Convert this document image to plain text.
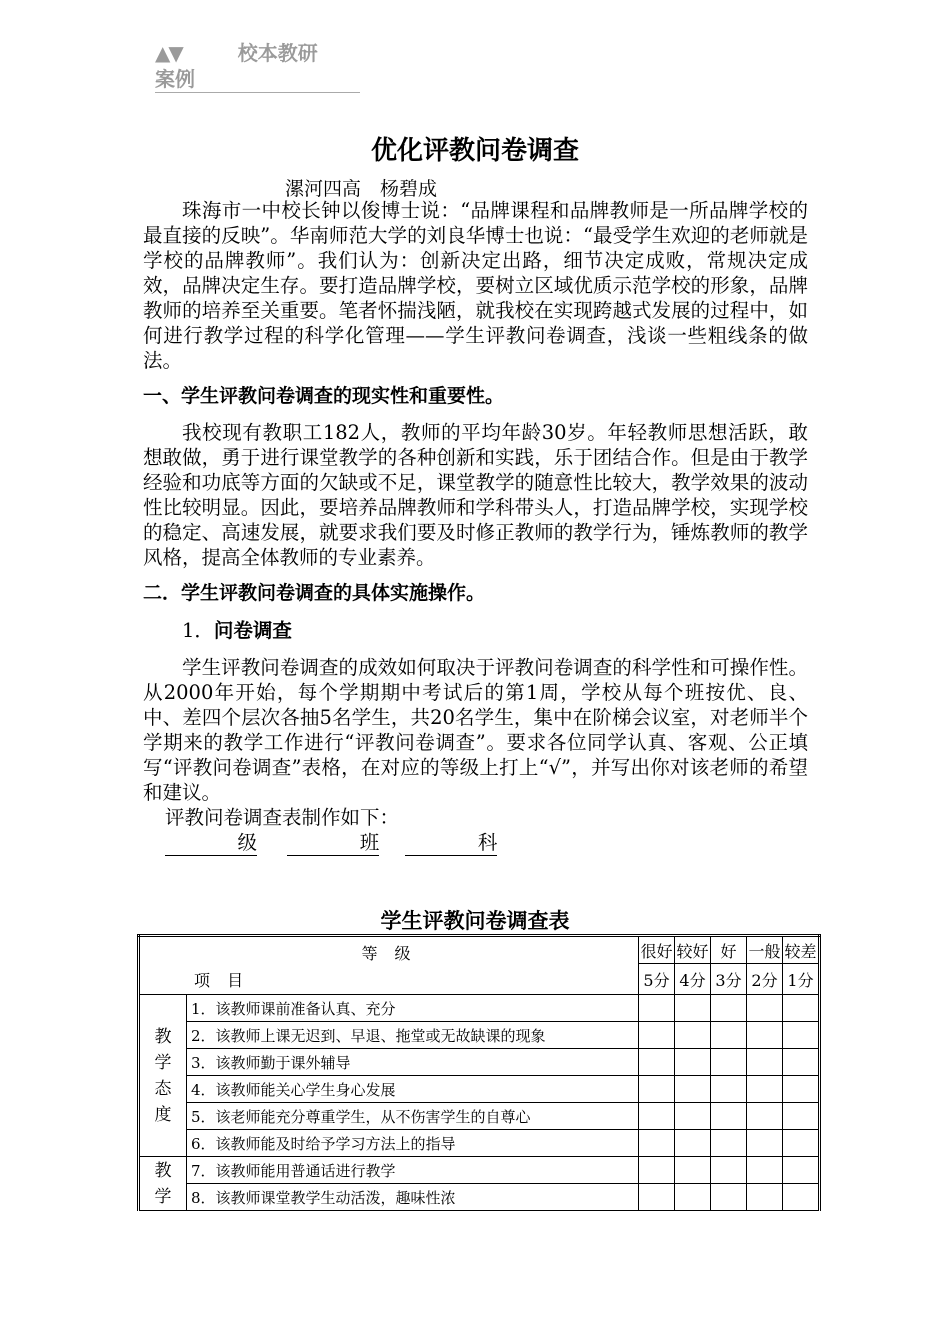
▲▼	校本教研
案例
优化评教问卷调查
漯河四高　杨碧成

珠海市一中校长钟以俊博士说：“品牌课程和品牌教师是一所品牌学校的最直接的反映”。华南师范大学的刘良华博士也说：“最受学生欢迎的老师就是学校的品牌教师”。我们认为：创新决定出路，细节决定成败，常规决定成效，品牌决定生存。要打造品牌学校，要树立区域优质示范学校的形象，品牌教师的培养至关重要。笔者怀揣浅陋，就我校在实现跨越式发展的过程中，如何进行教学过程的科学化管理——学生评教问卷调查，浅谈一些粗线条的做法。

一、学生评教问卷调查的现实性和重要性。

我校现有教职工182人，教师的平均年龄30岁。年轻教师思想活跃，敢想敢做，勇于进行课堂教学的各种创新和实践，乐于团结合作。但是由于教学经验和功底等方面的欠缺或不足，课堂教学的随意性比较大，教学效果的波动性比较明显。因此，要培养品牌教师和学科带头人，打造品牌学校，实现学校的稳定、高速发展，就要求我们要及时修正教师的教学行为，锤炼教师的教学风格，提高全体教师的专业素养。

二．学生评教问卷调查的具体实施操作。

1．问卷调查

学生评教问卷调查的成效如何取决于评教问卷调查的科学性和可操作性。从2000年开始，每个学期期中考试后的第1周，学校从每个班按优、良、中、差四个层次各抽5名学生，共20名学生，集中在阶梯会议室，对老师半个学期来的教学工作进行“评教问卷调查”。要求各位同学认真、客观、公正填写“评教问卷调查”表格，在对应的等级上打上“√”，并写出你对该老师的希望和建议。

评教问卷调查表制作如下：

级	班	科

学生评教问卷调查表
等 级
项 目		很好	较好	好	一般	较差
		5分	4分	3分	2分	1分

教
学
态
度	1．该教师课前准备认真、充分					
	2．该教师上课无迟到、早退、拖堂或无故缺课的现象					
	3．该教师勤于课外辅导					
	4．该教师能关心学生身心发展					
	5．该老师能充分尊重学生，从不伤害学生的自尊心					
	6．该教师能及时给予学习方法上的指导					

教
学	7．该教师能用普通话进行教学					
	8．该教师课堂教学生动活泼，趣味性浓					
